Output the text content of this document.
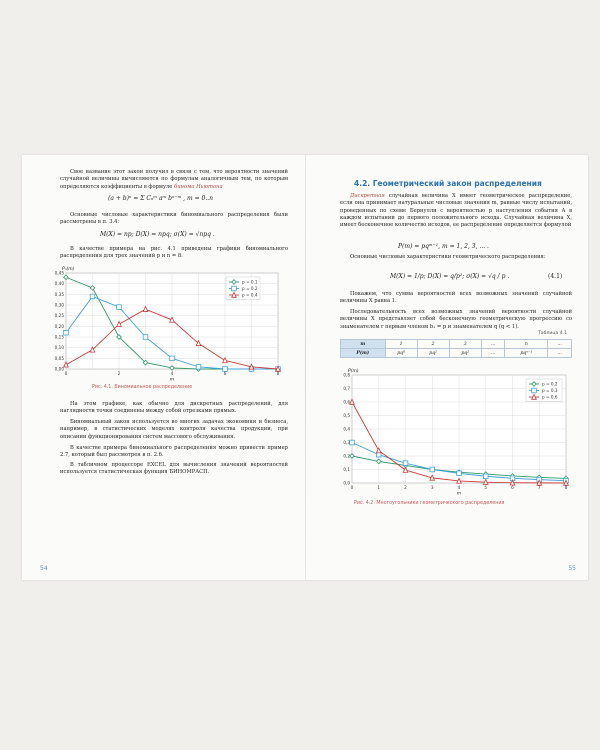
Свое название этот закон получил в связи с тем, что вероятности значений случайной величины вычисляются по формулам аналогичным тем, по которым определяются коэффициенты в формуле бинома Ньютона
(a + b)ⁿ = Σ Cₙᵐ aᵐ bⁿ⁻ᵐ , m = 0..n
Основные числовые характеристики биномиального распределения были рассмотрены в п. 3.4:
M(X) = np; D(X) = npq; σ(X) = √npq .
В качестве примера на рис. 4.1 приведены графики биномиального распределения для трех значений p и n = 8.
0,00
0,05
0,10
0,15
0,20
0,25
0,30
0,35
0,40
0,45
0	2	4	6	8
Pₙ(m)
m
p = 0.1
p = 0.2
p = 0.4
Рис. 4.1. Биномиальное распределение
На этом графике, как обычно для дискретных распределений, для наглядности точки соединены между собой отрезками прямых.
Биномиальный закон используется во многих задачах экономики и бизнеса, например, в статистических моделях контроля качества продукции, при описании функционирования систем массового обслуживания.
В качестве примера биномиального распределения можно привести пример 2.7, который был рассмотрен в п. 2.6.
В табличном процессоре EXCEL для вычисления значений вероятностей используется статистическая функция БИНОМРАСП.
54
4.2. Геометрический закон распределения
Дискретная случайная величина X имеет геометрическое распределение, если она принимает натуральные числовые значения m, равные числу испытаний, проведенных по схеме Бернулли с вероятностью p наступления события A в каждом испытании до первого положительного исхода. Случайная величина X, имеет бесконечное количество исходов, ее распределение определяется формулой
P(m) = pqᵐ⁻¹, m = 1, 2, 3, ... .
Основные числовые характеристики геометрического распределения:
M(X) = 1/p; D(X) = q/p²; σ(X) = √q / p .	(4.1)
Покажем, что сумма вероятностей всех возможных значений случайной величины X равна 1.
Последовательность всех возможных значений вероятности случайной величины X представляет собой бесконечную геометрическую прогрессию со знаменателем r первым членом b₁ = p и знаменателем q (q < 1).
Таблица 4.1
m	1	2	3	...	n	...
P(m)	pq⁰	pq¹	pq²	...	pqⁿ⁻¹	...
0,0
0,1
0,2
0,3
0,4
0,5
0,6
0,7
0,8
0	1	2	3	4	5	6	7	8
P(m)
m
p = 0,2
p = 0,3
p = 0,6
Рис. 4.2. Многоугольники геометрического распределения
55
